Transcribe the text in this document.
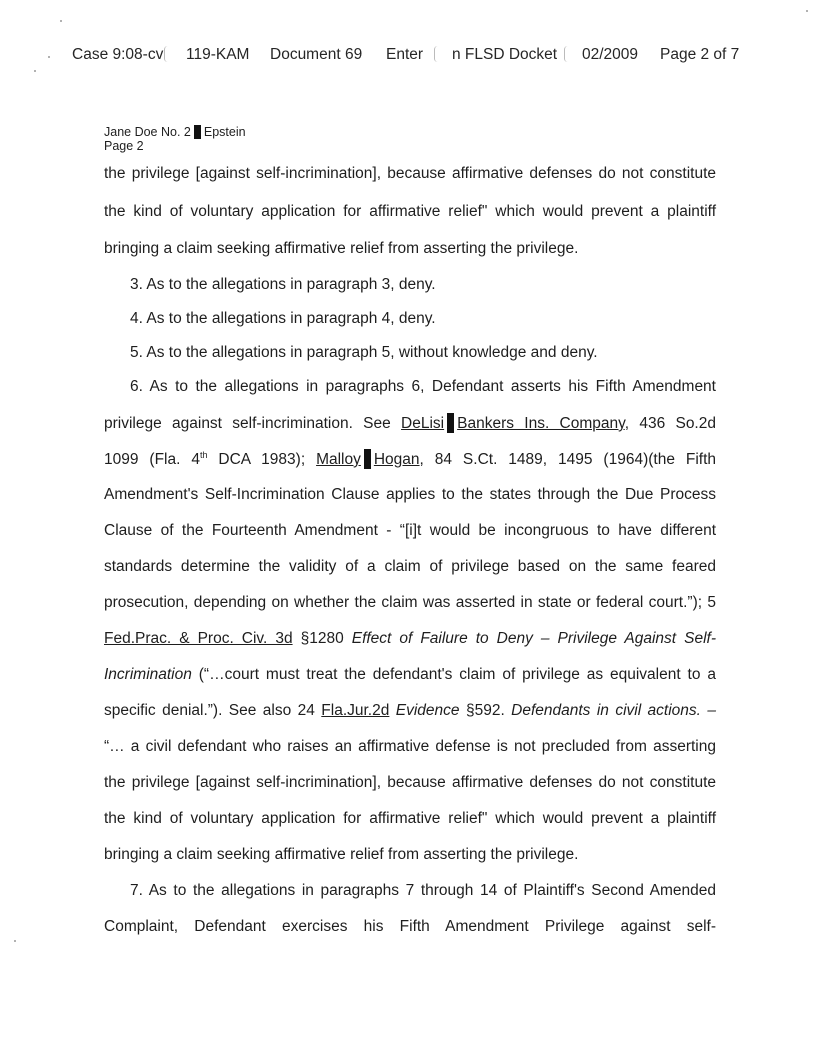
Case 9:08-cv 119-KAM Document 69 Enter n FLSD Docket 02/2009 Page 2 of 7
Jane Doe No. 2 Epstein
Page 2
the privilege [against self-incrimination], because affirmative defenses do not constitute
the kind of voluntary application for affirmative relief" which would prevent a plaintiff
bringing a claim seeking affirmative relief from asserting the privilege.
3. As to the allegations in paragraph 3, deny.
4. As to the allegations in paragraph 4, deny.
5. As to the allegations in paragraph 5, without knowledge and deny.
6. As to the allegations in paragraphs 6, Defendant asserts his Fifth Amendment
privilege against self-incrimination. See DeLisi Bankers Ins. Company, 436 So.2d
1099 (Fla. 4th DCA 1983); Malloy Hogan, 84 S.Ct. 1489, 1495 (1964)(the Fifth
Amendment's Self-Incrimination Clause applies to the states through the Due Process
Clause of the Fourteenth Amendment - “[i]t would be incongruous to have different
standards determine the validity of a claim of privilege based on the same feared
prosecution, depending on whether the claim was asserted in state or federal court.”); 5
Fed.Prac. & Proc. Civ. 3d §1280 Effect of Failure to Deny – Privilege Against Self-
Incrimination (“…court must treat the defendant's claim of privilege as equivalent to a
specific denial.”). See also 24 Fla.Jur.2d Evidence §592. Defendants in civil actions. –
“… a civil defendant who raises an affirmative defense is not precluded from asserting
the privilege [against self-incrimination], because affirmative defenses do not constitute
the kind of voluntary application for affirmative relief" which would prevent a plaintiff
bringing a claim seeking affirmative relief from asserting the privilege.
7. As to the allegations in paragraphs 7 through 14 of Plaintiff's Second Amended
Complaint,   Defendant   exercises   his   Fifth   Amendment   Privilege   against   self-
